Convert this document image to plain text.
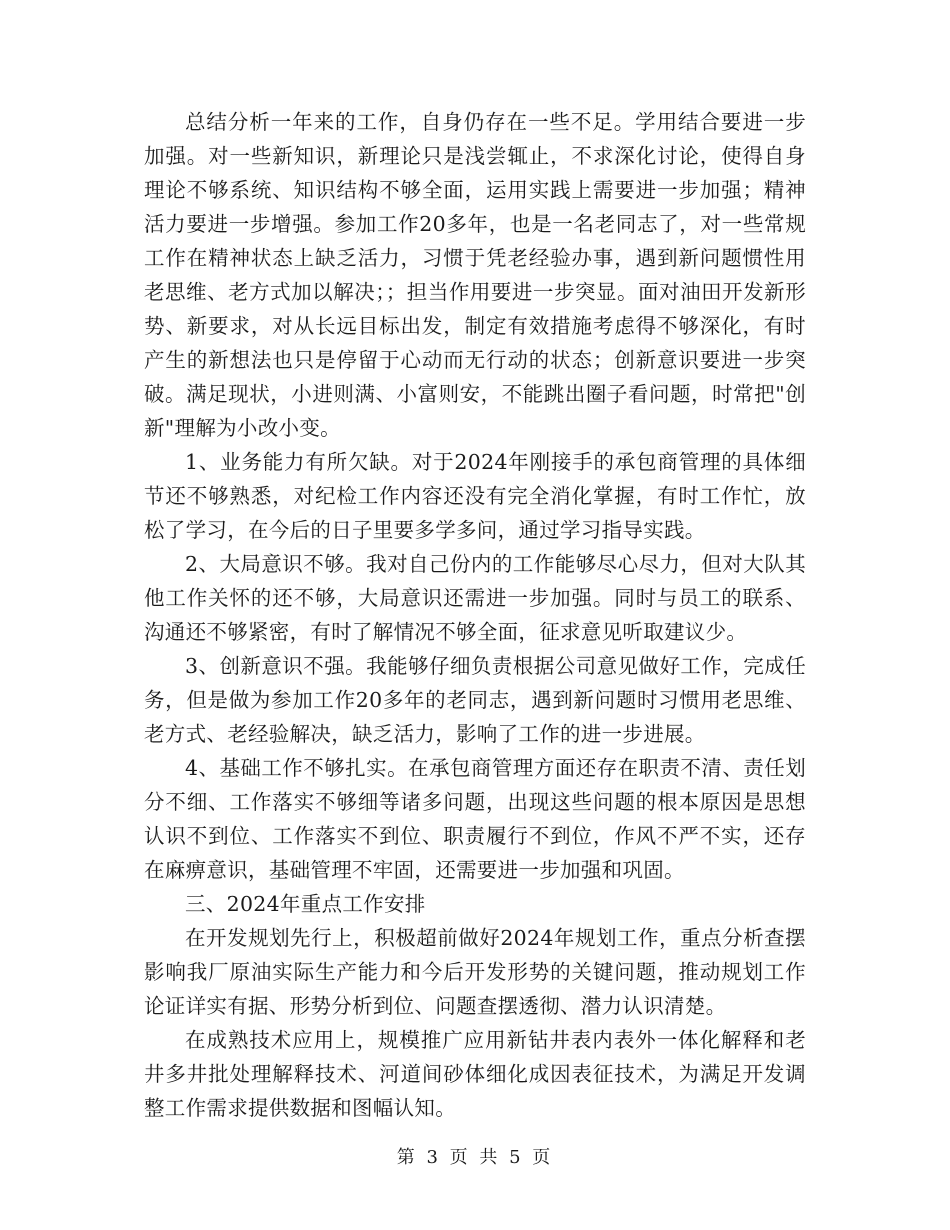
总结分析一年来的工作，自身仍存在一些不足。学用结合要进一步加强。对一些新知识，新理论只是浅尝辄止，不求深化讨论，使得自身理论不够系统、知识结构不够全面，运用实践上需要进一步加强；精神活力要进一步增强。参加工作20多年，也是一名老同志了，对一些常规工作在精神状态上缺乏活力，习惯于凭老经验办事，遇到新问题惯性用老思维、老方式加以解决；；担当作用要进一步突显。面对油田开发新形势、新要求，对从长远目标出发，制定有效措施考虑得不够深化，有时产生的新想法也只是停留于心动而无行动的状态；创新意识要进一步突破。满足现状，小进则满、小富则安，不能跳出圈子看问题，时常把"创新"理解为小改小变。

1、业务能力有所欠缺。对于2024年刚接手的承包商管理的具体细节还不够熟悉，对纪检工作内容还没有完全消化掌握，有时工作忙，放松了学习，在今后的日子里要多学多问，通过学习指导实践。

2、大局意识不够。我对自己份内的工作能够尽心尽力，但对大队其他工作关怀的还不够，大局意识还需进一步加强。同时与员工的联系、沟通还不够紧密，有时了解情况不够全面，征求意见听取建议少。

3、创新意识不强。我能够仔细负责根据公司意见做好工作，完成任务，但是做为参加工作20多年的老同志，遇到新问题时习惯用老思维、老方式、老经验解决，缺乏活力，影响了工作的进一步进展。

4、基础工作不够扎实。在承包商管理方面还存在职责不清、责任划分不细、工作落实不够细等诸多问题，出现这些问题的根本原因是思想认识不到位、工作落实不到位、职责履行不到位，作风不严不实，还存在麻痹意识，基础管理不牢固，还需要进一步加强和巩固。

三、2024年重点工作安排

在开发规划先行上，积极超前做好2024年规划工作，重点分析查摆影响我厂原油实际生产能力和今后开发形势的关键问题，推动规划工作论证详实有据、形势分析到位、问题查摆透彻、潜力认识清楚。

在成熟技术应用上，规模推广应用新钻井表内表外一体化解释和老井多井批处理解释技术、河道间砂体细化成因表征技术，为满足开发调整工作需求提供数据和图幅认知。

第 3 页 共 5 页
